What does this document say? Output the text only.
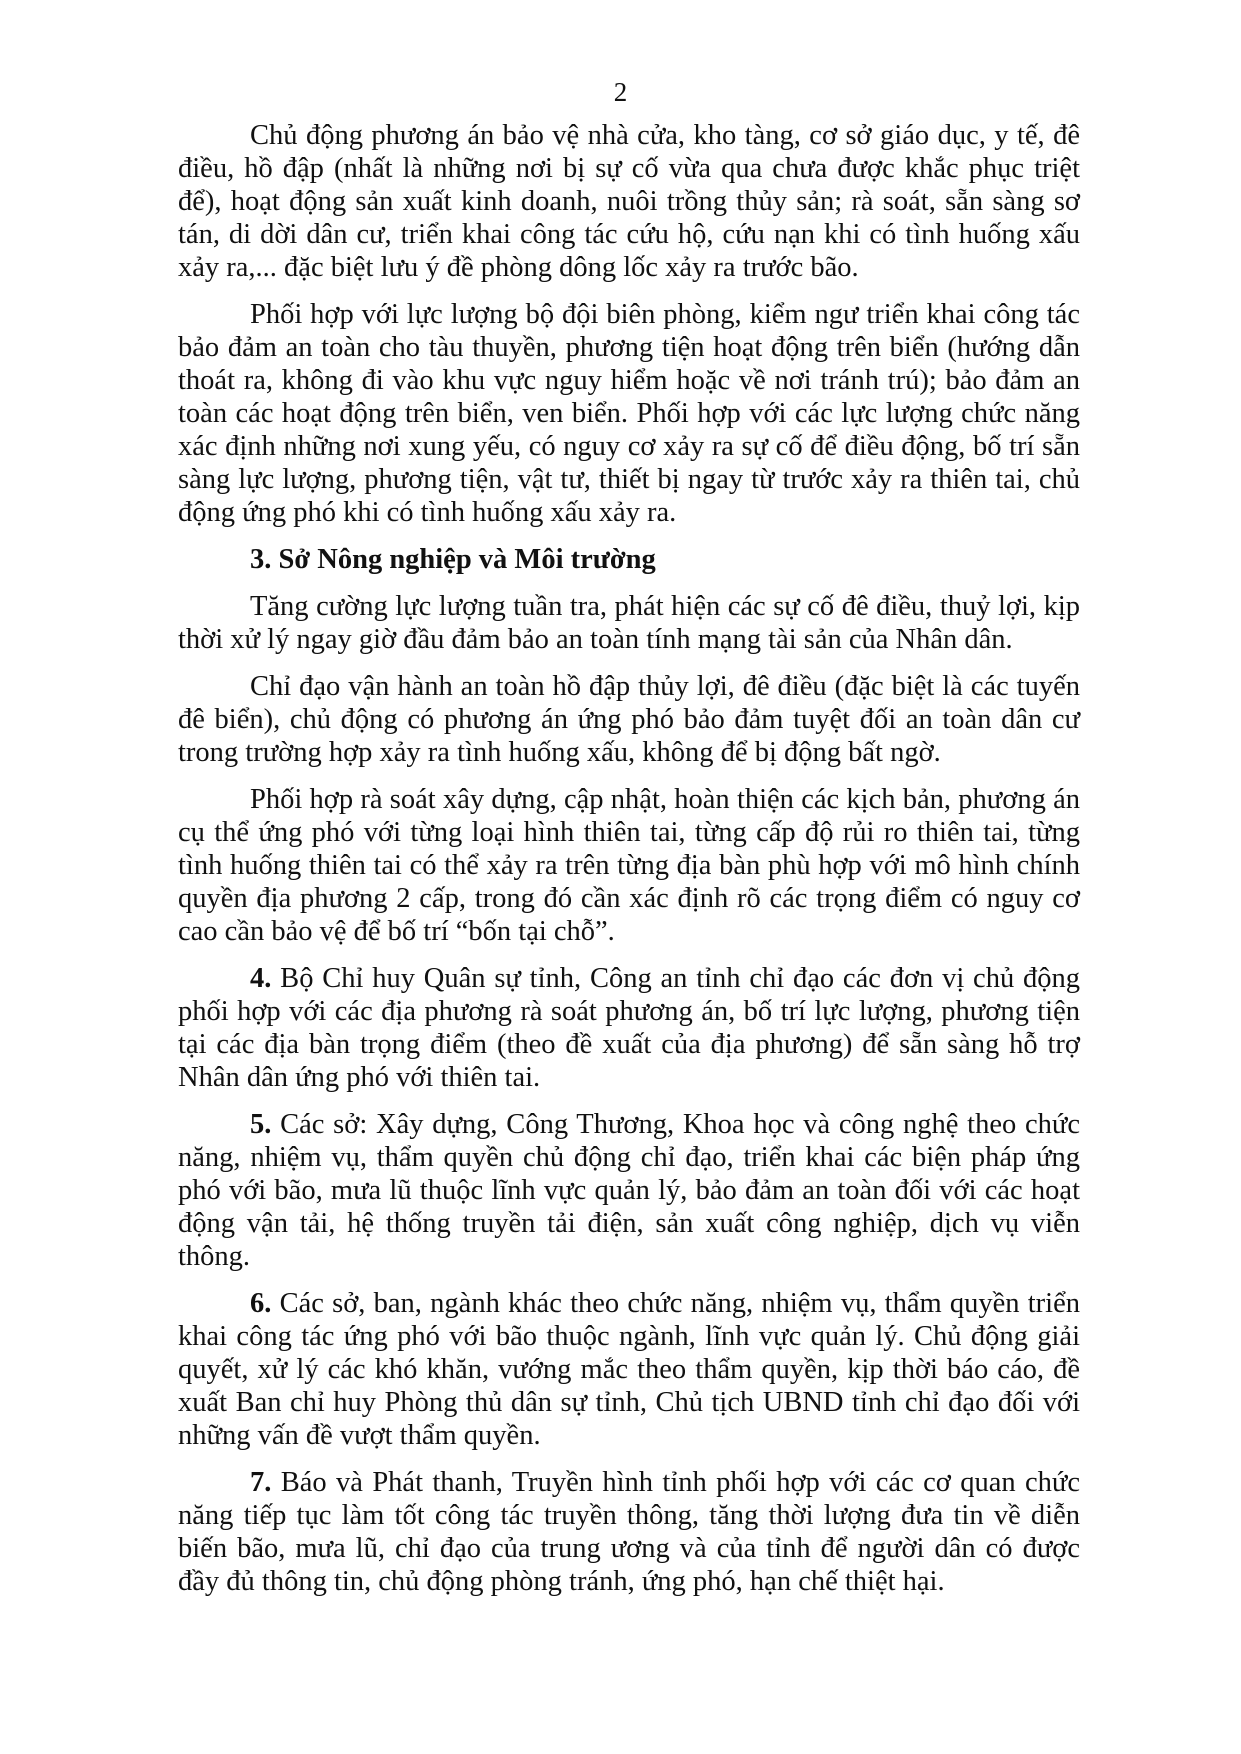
2

Chủ động phương án bảo vệ nhà cửa, kho tàng, cơ sở giáo dục, y tế, đê điều, hồ đập (nhất là những nơi bị sự cố vừa qua chưa được khắc phục triệt để), hoạt động sản xuất kinh doanh, nuôi trồng thủy sản; rà soát, sẵn sàng sơ tán, di dời dân cư, triển khai công tác cứu hộ, cứu nạn khi có tình huống xấu xảy ra,... đặc biệt lưu ý đề phòng dông lốc xảy ra trước bão.

Phối hợp với lực lượng bộ đội biên phòng, kiểm ngư triển khai công tác bảo đảm an toàn cho tàu thuyền, phương tiện hoạt động trên biển (hướng dẫn thoát ra, không đi vào khu vực nguy hiểm hoặc về nơi tránh trú); bảo đảm an toàn các hoạt động trên biển, ven biển. Phối hợp với các lực lượng chức năng xác định những nơi xung yếu, có nguy cơ xảy ra sự cố để điều động, bố trí sẵn sàng lực lượng, phương tiện, vật tư, thiết bị ngay từ trước xảy ra thiên tai, chủ động ứng phó khi có tình huống xấu xảy ra.

3. Sở Nông nghiệp và Môi trường

Tăng cường lực lượng tuần tra, phát hiện các sự cố đê điều, thuỷ lợi, kịp thời xử lý ngay giờ đầu đảm bảo an toàn tính mạng tài sản của Nhân dân.

Chỉ đạo vận hành an toàn hồ đập thủy lợi, đê điều (đặc biệt là các tuyến đê biển), chủ động có phương án ứng phó bảo đảm tuyệt đối an toàn dân cư trong trường hợp xảy ra tình huống xấu, không để bị động bất ngờ.

Phối hợp rà soát xây dựng, cập nhật, hoàn thiện các kịch bản, phương án cụ thể ứng phó với từng loại hình thiên tai, từng cấp độ rủi ro thiên tai, từng tình huống thiên tai có thể xảy ra trên từng địa bàn phù hợp với mô hình chính quyền địa phương 2 cấp, trong đó cần xác định rõ các trọng điểm có nguy cơ cao cần bảo vệ để bố trí “bốn tại chỗ”.

4. Bộ Chỉ huy Quân sự tỉnh, Công an tỉnh chỉ đạo các đơn vị chủ động phối hợp với các địa phương rà soát phương án, bố trí lực lượng, phương tiện tại các địa bàn trọng điểm (theo đề xuất của địa phương) để sẵn sàng hỗ trợ Nhân dân ứng phó với thiên tai.

5. Các sở: Xây dựng, Công Thương, Khoa học và công nghệ theo chức năng, nhiệm vụ, thẩm quyền chủ động chỉ đạo, triển khai các biện pháp ứng phó với bão, mưa lũ thuộc lĩnh vực quản lý, bảo đảm an toàn đối với các hoạt động vận tải, hệ thống truyền tải điện, sản xuất công nghiệp, dịch vụ viễn thông.

6. Các sở, ban, ngành khác theo chức năng, nhiệm vụ, thẩm quyền triển khai công tác ứng phó với bão thuộc ngành, lĩnh vực quản lý. Chủ động giải quyết, xử lý các khó khăn, vướng mắc theo thẩm quyền, kịp thời báo cáo, đề xuất Ban chỉ huy Phòng thủ dân sự tỉnh, Chủ tịch UBND tỉnh chỉ đạo đối với những vấn đề vượt thẩm quyền.

7. Báo và Phát thanh, Truyền hình tỉnh phối hợp với các cơ quan chức năng tiếp tục làm tốt công tác truyền thông, tăng thời lượng đưa tin về diễn biến bão, mưa lũ, chỉ đạo của trung ương và của tỉnh để người dân có được đầy đủ thông tin, chủ động phòng tránh, ứng phó, hạn chế thiệt hại.
